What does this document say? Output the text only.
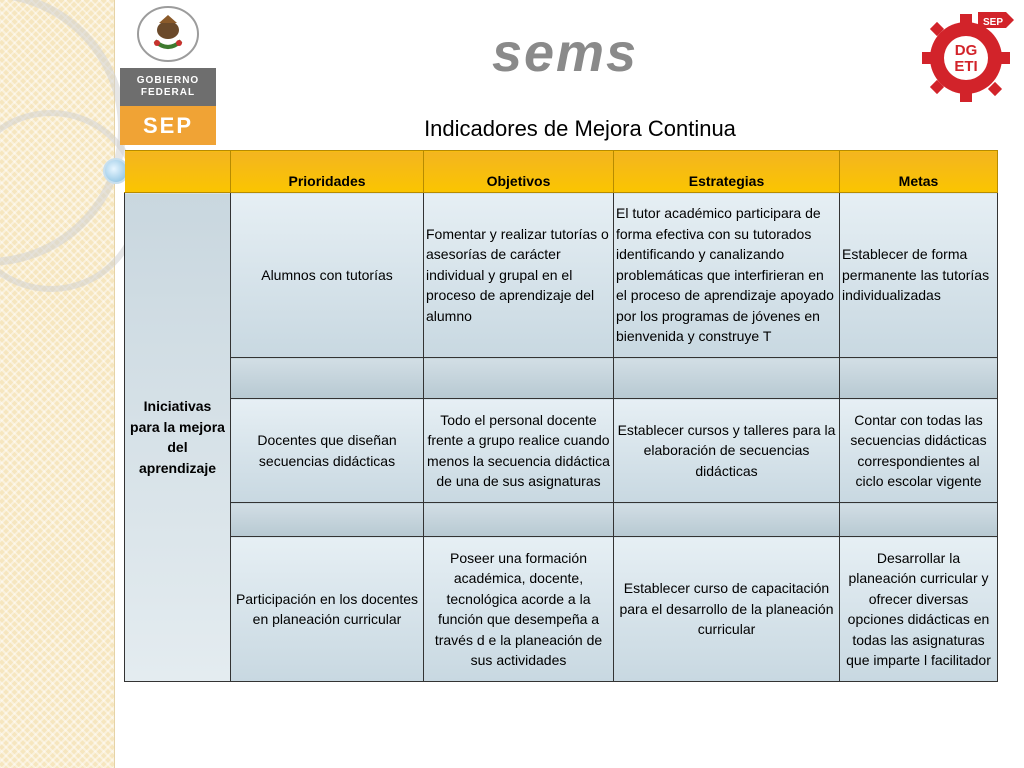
GOBIERNO
FEDERAL
SEP
sems	DG
ETI
SEP
Indicadores de Mejora Continua
	Prioridades	Objetivos	Estrategias	Metas
Iniciativas para la mejora del aprendizaje	Alumnos con tutorías	Fomentar y realizar tutorías o asesorías de carácter individual y grupal en el proceso de aprendizaje del alumno	El tutor académico participara de forma efectiva con su tutorados identificando y canalizando problemáticas que interfirieran en el proceso de aprendizaje apoyado por los programas de jóvenes en bienvenida y construye T	Establecer de forma permanente las tutorías individualizadas

	Docentes que diseñan secuencias didácticas	Todo el personal docente frente a grupo realice cuando menos la secuencia didáctica de una de sus asignaturas	Establecer cursos y talleres para la elaboración de secuencias didácticas	Contar con todas las secuencias didácticas correspondientes al ciclo escolar vigente

	Participación en los docentes en planeación curricular	Poseer una formación académica, docente, tecnológica acorde a la función que desempeña a través d e la planeación de sus actividades	Establecer curso de capacitación para el desarrollo de la planeación curricular	Desarrollar la planeación curricular y ofrecer diversas opciones didácticas en todas las asignaturas que imparte l facilitador
